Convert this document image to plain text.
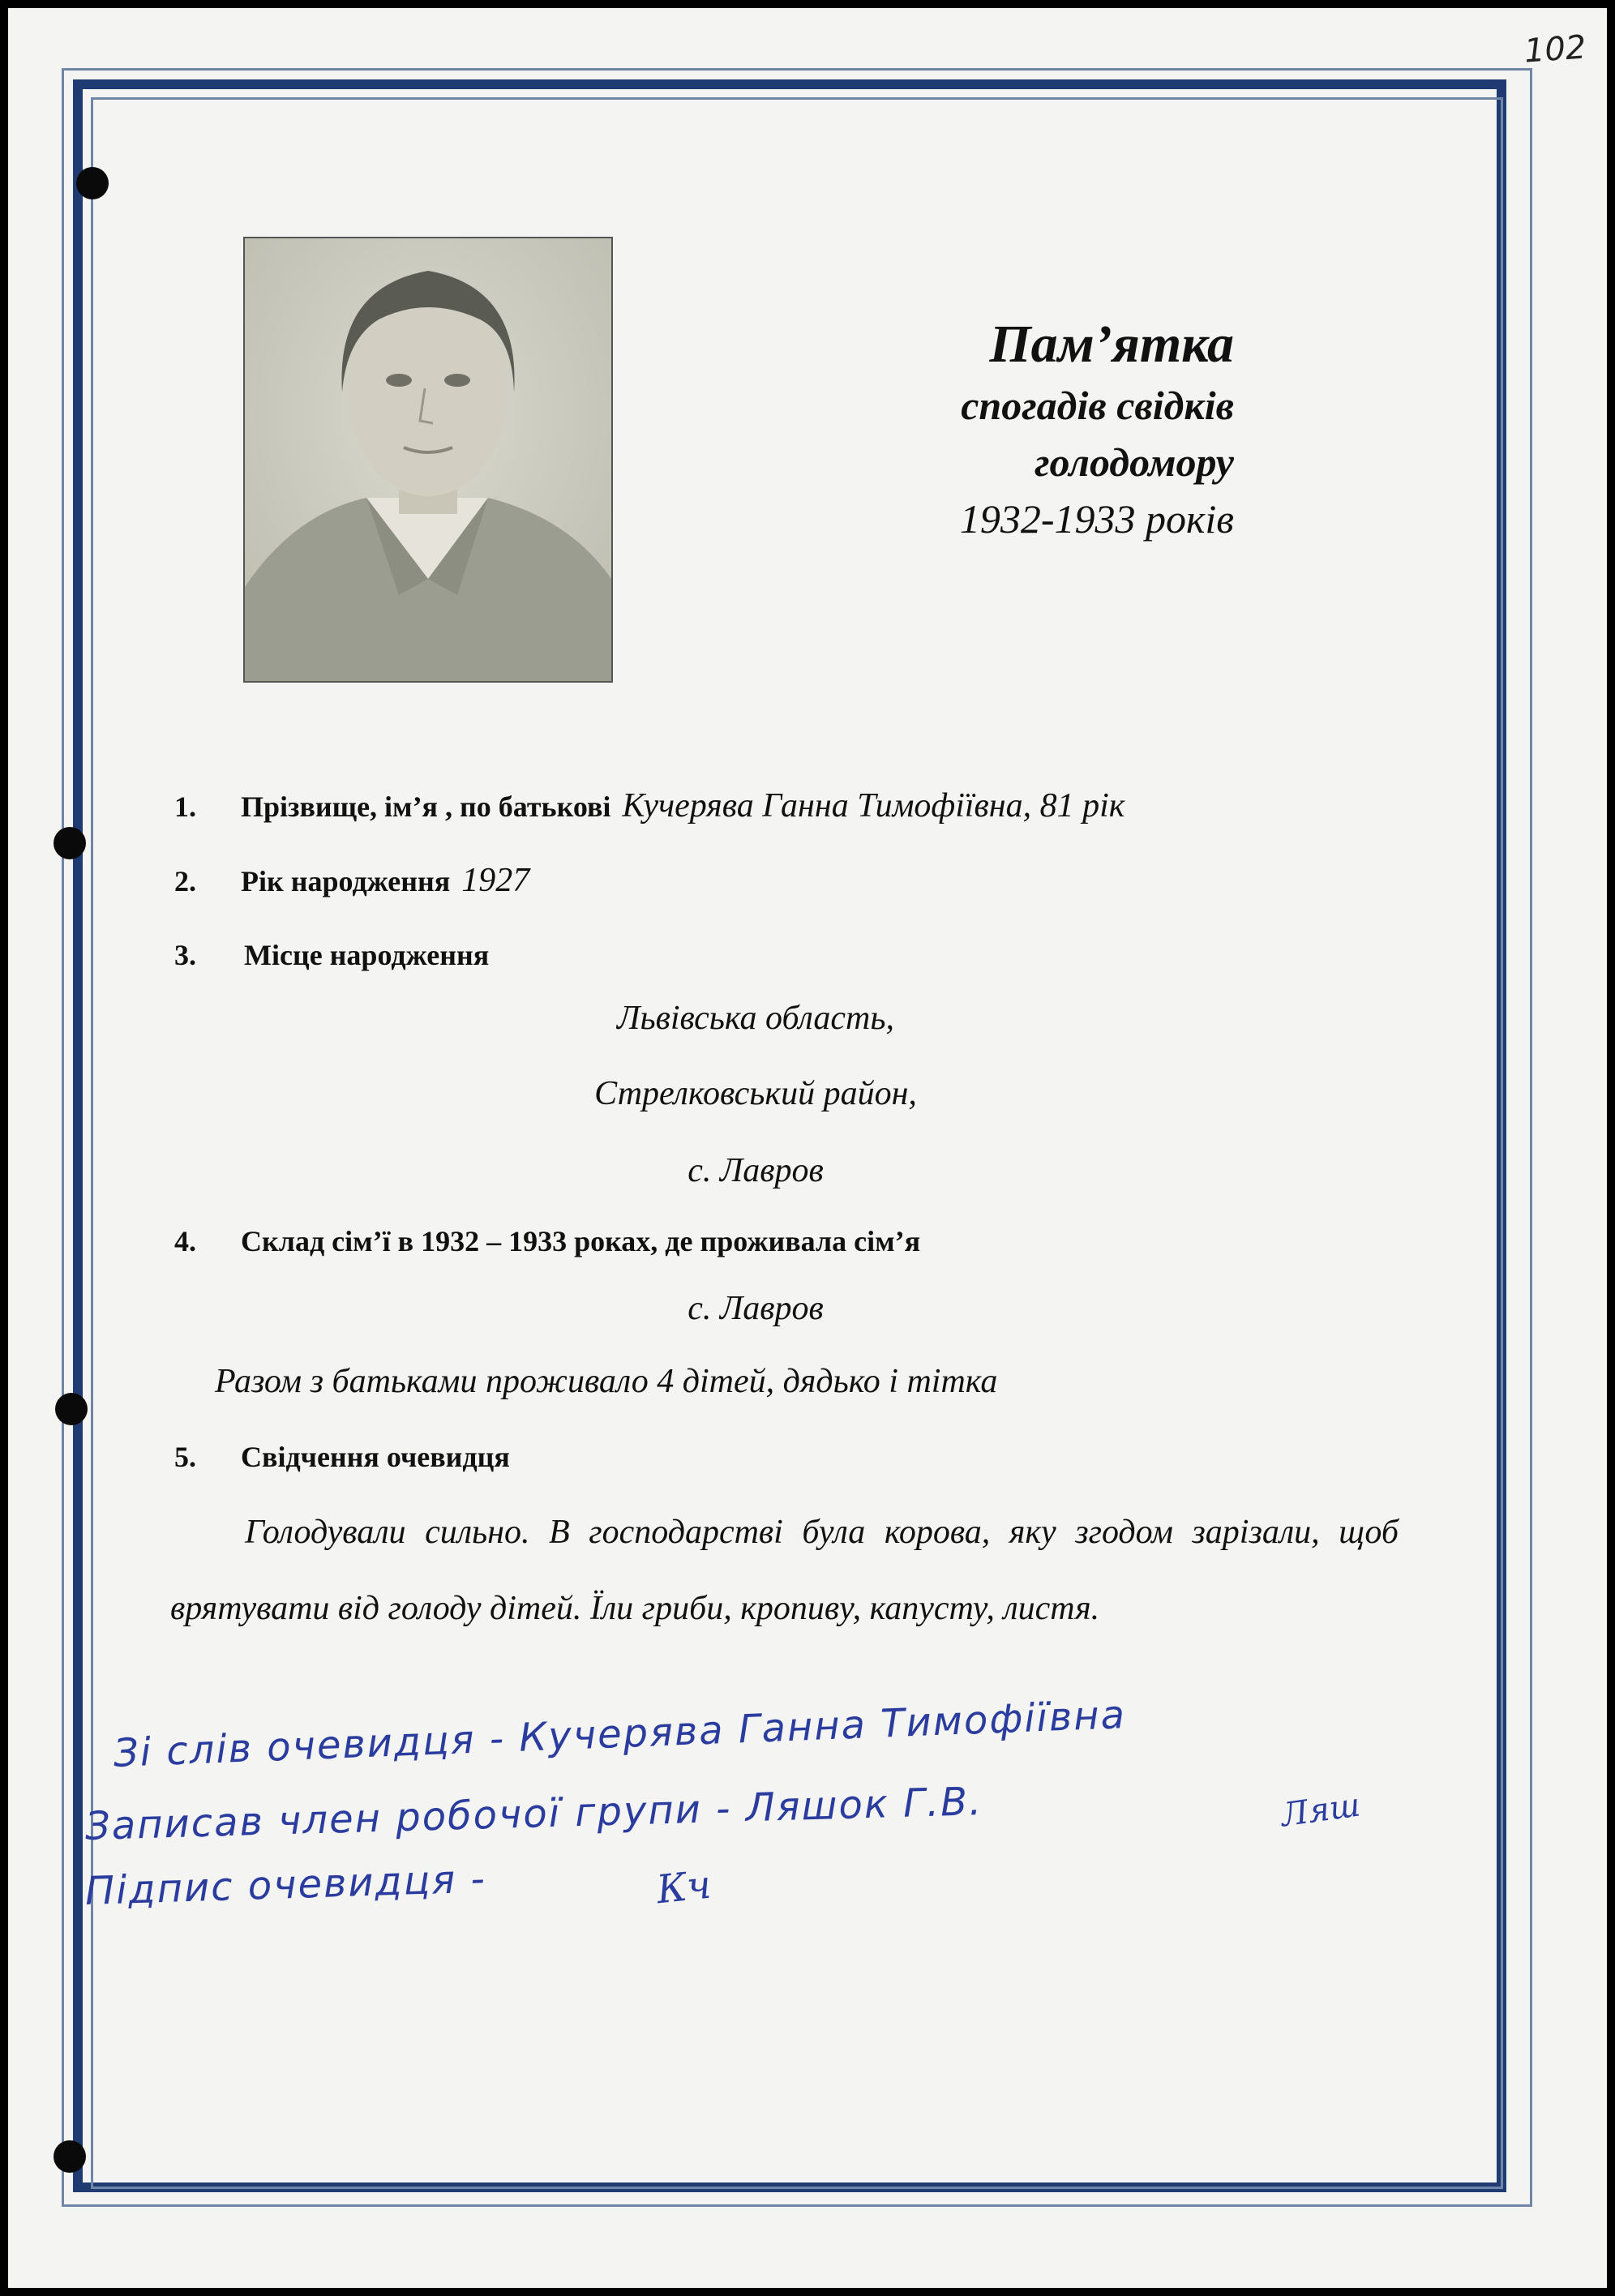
102
Пам’ятка
спогадів свідків
голодомору
1932-1933 років
1. Прізвище, ім’я , по батькові Кучерява Ганна Тимофіївна, 81 рік
2. Рік народження 1927
3. Місце народження
Львівська область,
Стрелковський район,
с. Лавров
4. Склад сім’ї в 1932 – 1933 роках, де проживала сім’я
с. Лавров
Разом з батьками проживало 4 дітей, дядько і тітка
5. Свідчення очевидця
Голодували сильно. В господарстві була корова, яку згодом зарізали, щоб врятувати від голоду дітей. Їли гриби, кропиву, капусту, листя.
Зі слів очевидця - Кучерява Ганна Тимофіївна
Записав член робочої групи - Ляшок Г.В.	Ляш
Підпис очевидця -	Кч
